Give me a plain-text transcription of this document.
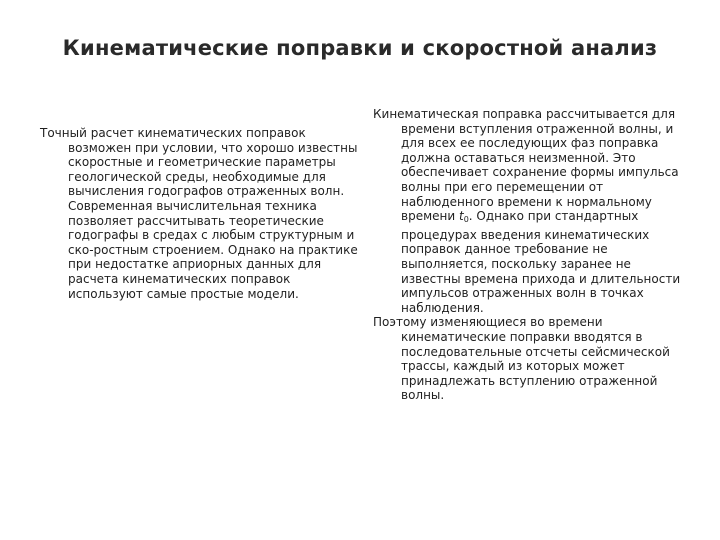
Кинематические поправки и скоростной анализ

Точный расчет кинематических поправок возможен при условии, что хорошо известны скоростные и геометрические параметры геологической среды, необходимые для вычисления годографов отраженных волн. Современная вычислительная техника позволяет рассчитывать теоретические годографы в средах с любым структурным и ско-ростным строением. Однако на практике при недостатке априорных данных для расчета кинематических поправок используют самые простые модели.

Кинематическая поправка рассчитывается для времени вступления отраженной волны, и для всех ее последующих фаз поправка должна оставаться неизменной. Это обеспечивает сохранение формы импульса волны при его перемещении от наблюденного времени к нормальному времени $t_0$. Однако при стандартных процедурах введения кинематических поправок данное требование не выполняется, поскольку заранее не известны времена прихода и длительности импульсов отраженных волн в точках наблюдения.

Поэтому изменяющиеся во времени кинематические поправки вводятся в последовательные отсчеты сейсмической трассы, каждый из которых может принадлежать вступлению отраженной волны.
